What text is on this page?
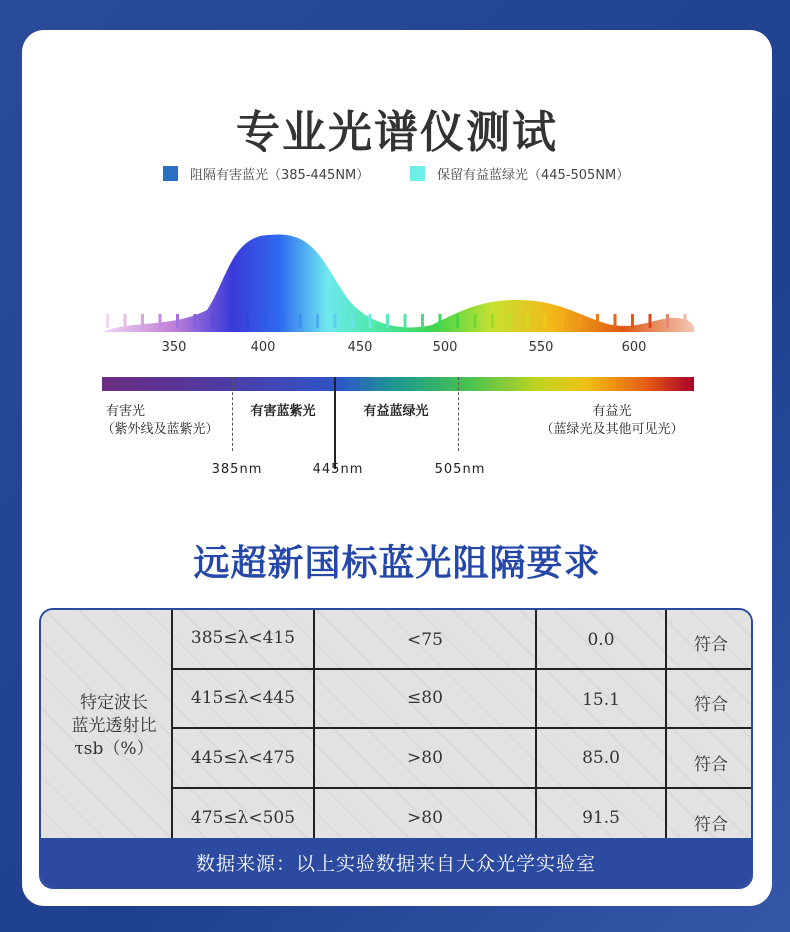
专业光谱仪测试
阻隔有害蓝光（385-445NM）	保留有益蓝绿光（445-505NM）
350	400	450	500	550	600
有害光
（紫外线及蓝紫光）
有害蓝紫光	有益蓝绿光	有益光
（蓝绿光及其他可见光）
385nm	445nm	505nm
远超新国标蓝光阻隔要求
特定波长
蓝光透射比
τsb（%）
385≤λ<415	<75	0.0	符合
415≤λ<445	≤80	15.1	符合
445≤λ<475	>80	85.0	符合
475≤λ<505	>80	91.5	符合
数据来源：以上实验数据来自大众光学实验室
